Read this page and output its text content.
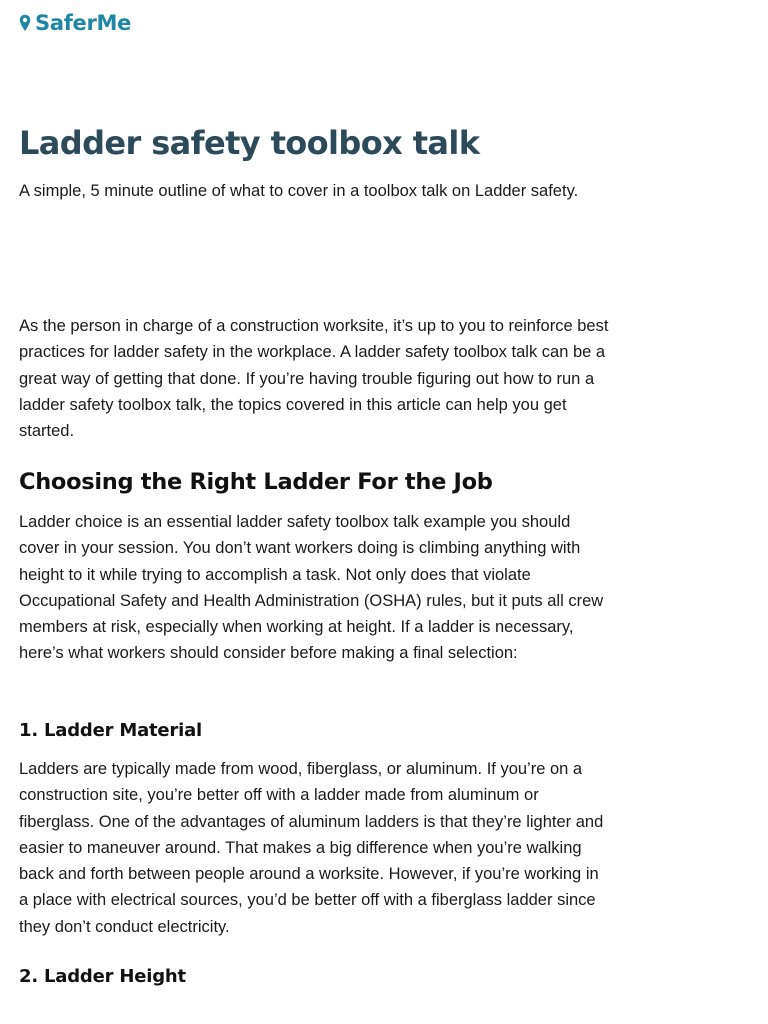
SaferMe
Ladder safety toolbox talk

A simple, 5 minute outline of what to cover in a toolbox talk on Ladder safety.

As the person in charge of a construction worksite, it’s up to you to reinforce best practices for ladder safety in the workplace. A ladder safety toolbox talk can be a great way of getting that done. If you’re having trouble figuring out how to run a ladder safety toolbox talk, the topics covered in this article can help you get started.

Choosing the Right Ladder For the Job

Ladder choice is an essential ladder safety toolbox talk example you should cover in your session. You don’t want workers doing is climbing anything with height to it while trying to accomplish a task. Not only does that violate Occupational Safety and Health Administration (OSHA) rules, but it puts all crew members at risk, especially when working at height. If a ladder is necessary, here’s what workers should consider before making a final selection:

1. Ladder Material

Ladders are typically made from wood, fiberglass, or aluminum. If you’re on a construction site, you’re better off with a ladder made from aluminum or fiberglass. One of the advantages of aluminum ladders is that they’re lighter and easier to maneuver around. That makes a big difference when you’re walking back and forth between people around a worksite. However, if you’re working in a place with electrical sources, you’d be better off with a fiberglass ladder since they don’t conduct electricity.

2. Ladder Height
